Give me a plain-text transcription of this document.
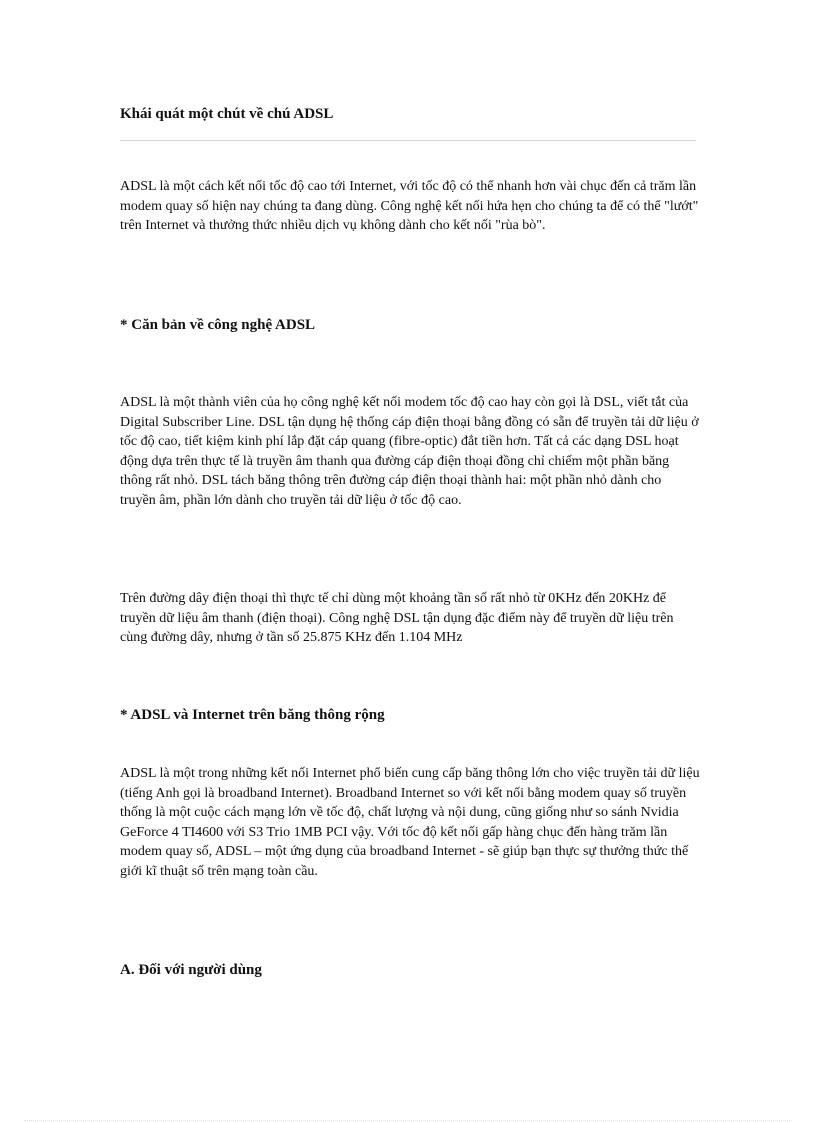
Khái quát một chút về chú ADSL

ADSL là một cách kết nối tốc độ cao tới Internet, với tốc độ có thể nhanh hơn vài chục đến cả trăm lần modem quay số hiện nay chúng ta đang dùng. Công nghệ kết nối hứa hẹn cho chúng ta để có thể "lướt" trên Internet và thưởng thức nhiều dịch vụ không dành cho kết nối "rùa bò".

* Căn bản về công nghệ ADSL

ADSL là một thành viên của họ công nghệ kết nối modem tốc độ cao hay còn gọi là DSL, viết tắt của Digital Subscriber Line. DSL tận dụng hệ thống cáp điện thoại bằng đồng có sẵn để truyền tải dữ liệu ở tốc độ cao, tiết kiệm kinh phí lắp đặt cáp quang (fibre-optic) đắt tiền hơn. Tất cả các dạng DSL hoạt động dựa trên thực tế là truyền âm thanh qua đường cáp điện thoại đồng chỉ chiếm một phần băng thông rất nhỏ. DSL tách băng thông trên đường cáp điện thoại thành hai: một phần nhỏ dành cho truyền âm, phần lớn dành cho truyền tải dữ liệu ở tốc độ cao.

Trên đường dây điện thoại thì thực tế chỉ dùng một khoảng tần số rất nhỏ từ 0KHz đến 20KHz để truyền dữ liệu âm thanh (điện thoại). Công nghệ DSL tận dụng đặc điểm này để truyền dữ liệu trên cùng đường dây, nhưng ở tần số 25.875 KHz đến 1.104 MHz

* ADSL và Internet trên băng thông rộng

ADSL là một trong những kết nối Internet phổ biến cung cấp băng thông lớn cho việc truyền tải dữ liệu (tiếng Anh gọi là broadband Internet). Broadband Internet so với kết nối bằng modem quay số truyền thống là một cuộc cách mạng lớn về tốc độ, chất lượng và nội dung, cũng giống như so sánh Nvidia GeForce 4 TI4600 với S3 Trio 1MB PCI vậy. Với tốc độ kết nối gấp hàng chục đến hàng trăm lần modem quay số, ADSL – một ứng dụng của broadband Internet - sẽ giúp bạn thực sự thưởng thức thế giới kĩ thuật số trên mạng toàn cầu.

A. Đối với người dùng
